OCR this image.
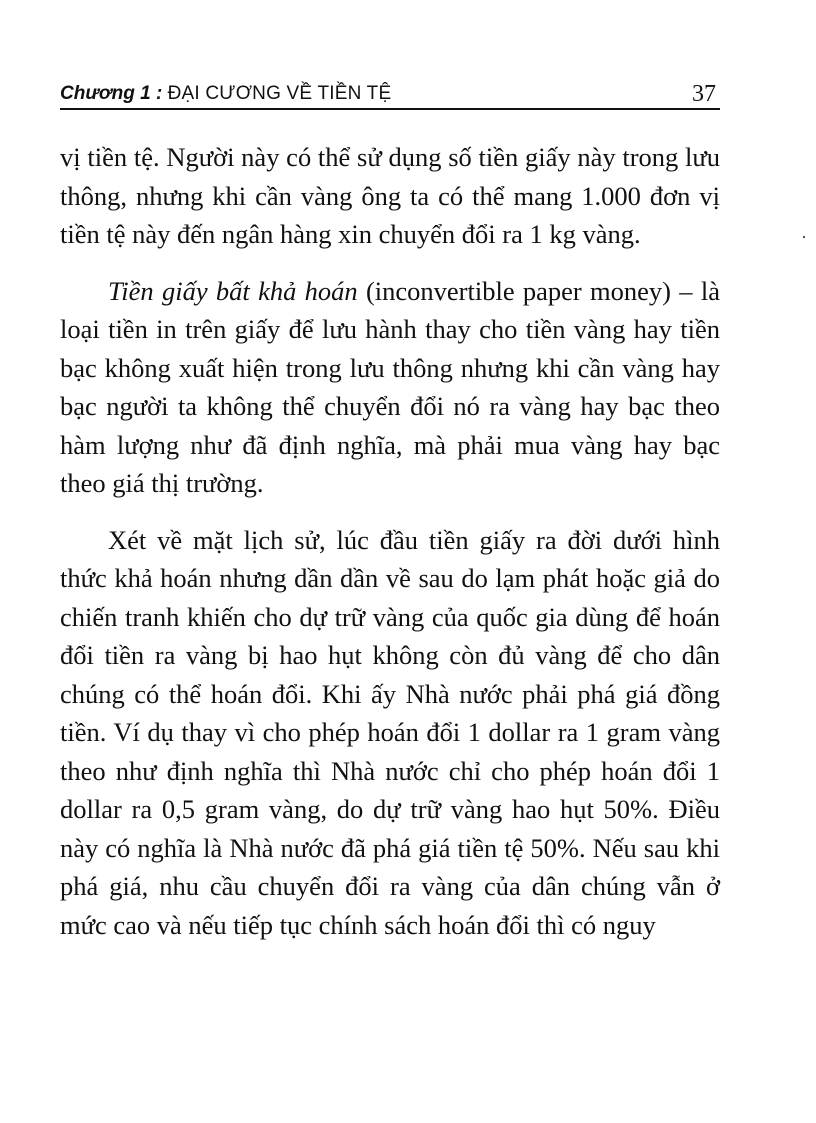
Chương 1 : ĐẠI CƯƠNG VỀ TIỀN TỆ	37

vị tiền tệ. Người này có thể sử dụng số tiền giấy này trong lưu thông, nhưng khi cần vàng ông ta có thể mang 1.000 đơn vị tiền tệ này đến ngân hàng xin chuyển đổi ra 1 kg vàng.

Tiền giấy bất khả hoán (inconvertible paper money) – là loại tiền in trên giấy để lưu hành thay cho tiền vàng hay tiền bạc không xuất hiện trong lưu thông nhưng khi cần vàng hay bạc người ta không thể chuyển đổi nó ra vàng hay bạc theo hàm lượng như đã định nghĩa, mà phải mua vàng hay bạc theo giá thị trường.

Xét về mặt lịch sử, lúc đầu tiền giấy ra đời dưới hình thức khả hoán nhưng dần dần về sau do lạm phát hoặc giả do chiến tranh khiến cho dự trữ vàng của quốc gia dùng để hoán đổi tiền ra vàng bị hao hụt không còn đủ vàng để cho dân chúng có thể hoán đổi. Khi ấy Nhà nước phải phá giá đồng tiền. Ví dụ thay vì cho phép hoán đổi 1 dollar ra 1 gram vàng theo như định nghĩa thì Nhà nước chỉ cho phép hoán đổi 1 dollar ra 0,5 gram vàng, do dự trữ vàng hao hụt 50%. Điều này có nghĩa là Nhà nước đã phá giá tiền tệ 50%. Nếu sau khi phá giá, nhu cầu chuyển đổi ra vàng của dân chúng vẫn ở mức cao và nếu tiếp tục chính sách hoán đổi thì có nguy
